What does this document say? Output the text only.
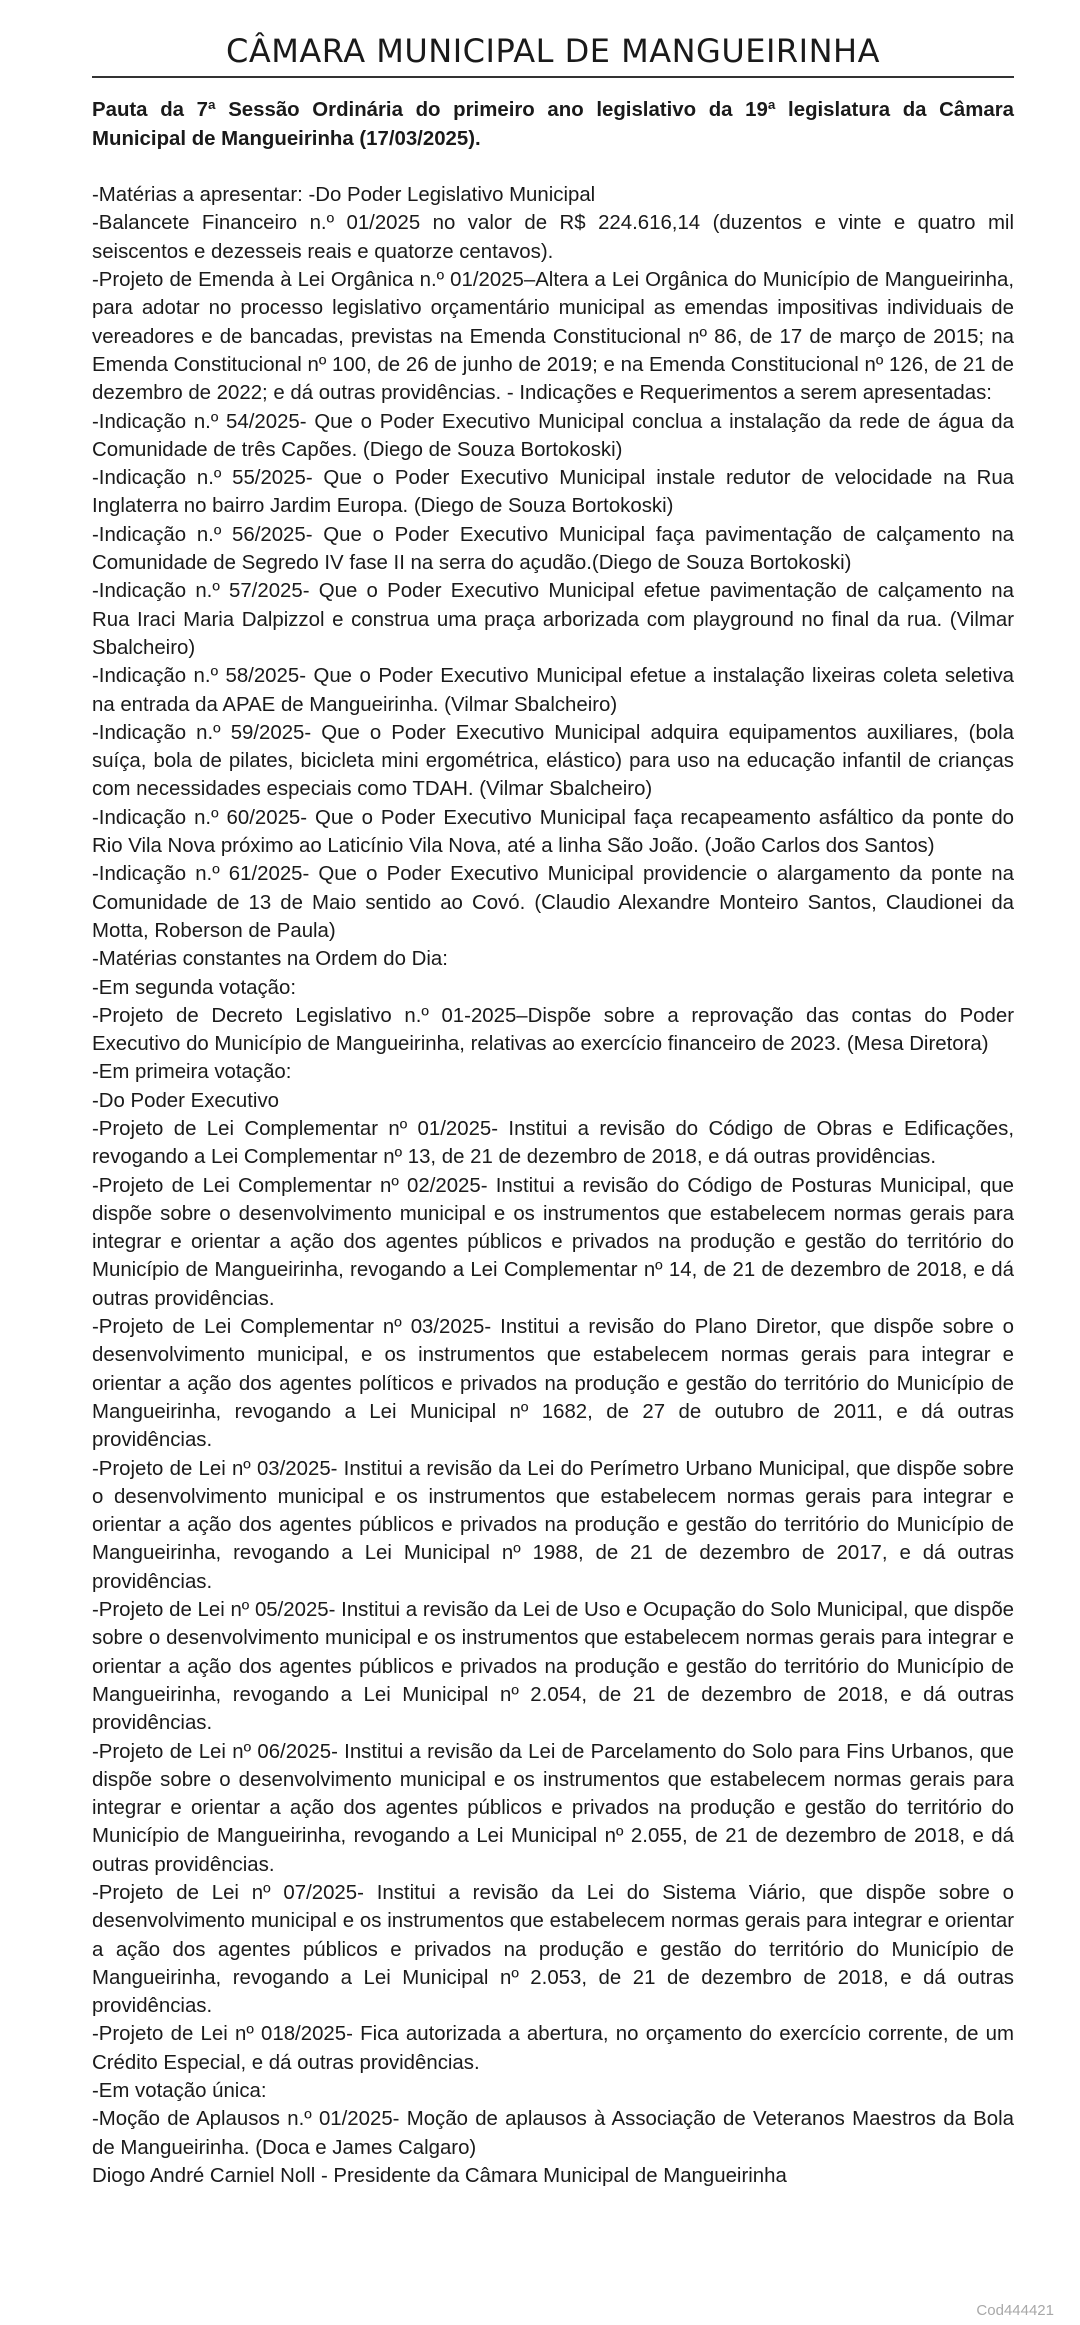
CÂMARA MUNICIPAL DE MANGUEIRINHA
Pauta da 7ª Sessão Ordinária do primeiro ano legislativo da 19ª legislatura da Câmara Municipal de Mangueirinha (17/03/2025).

-Matérias a apresentar: -Do Poder Legislativo Municipal

-Balancete Financeiro n.º 01/2025 no valor de R$ 224.616,14 (duzentos e vinte e quatro mil seiscentos e dezesseis reais e quatorze centavos).

-Projeto de Emenda à Lei Orgânica n.º 01/2025–Altera a Lei Orgânica do Município de Mangueirinha, para adotar no processo legislativo orçamentário municipal as emendas impositivas individuais de vereadores e de bancadas, previstas na Emenda Constitucional nº 86, de 17 de março de 2015; na Emenda Constitucional nº 100, de 26 de junho de 2019; e na Emenda Constitucional nº 126, de 21 de dezembro de 2022; e dá outras providências. - Indicações e Requerimentos a serem apresentadas:

-Indicação n.º 54/2025- Que o Poder Executivo Municipal conclua a instalação da rede de água da Comunidade de três Capões. (Diego de Souza Bortokoski)

-Indicação n.º 55/2025- Que o Poder Executivo Municipal instale redutor de velocidade na Rua Inglaterra no bairro Jardim Europa. (Diego de Souza Bortokoski)

-Indicação n.º 56/2025- Que o Poder Executivo Municipal faça pavimentação de calçamento na Comunidade de Segredo IV fase II na serra do açudão.(Diego de Souza Bortokoski)

-Indicação n.º 57/2025- Que o Poder Executivo Municipal efetue pavimentação de calçamento na Rua Iraci Maria Dalpizzol e construa uma praça arborizada com playground no final da rua. (Vilmar Sbalcheiro)

-Indicação n.º 58/2025- Que o Poder Executivo Municipal efetue a instalação lixeiras coleta seletiva na entrada da APAE de Mangueirinha. (Vilmar Sbalcheiro)

-Indicação n.º 59/2025- Que o Poder Executivo Municipal adquira equipamentos auxiliares, (bola suíça, bola de pilates, bicicleta mini ergométrica, elástico) para uso na educação infantil de crianças com necessidades especiais como TDAH. (Vilmar Sbalcheiro)

-Indicação n.º 60/2025- Que o Poder Executivo Municipal faça recapeamento asfáltico da ponte do Rio Vila Nova próximo ao Laticínio Vila Nova, até a linha São João. (João Carlos dos Santos)

-Indicação n.º 61/2025- Que o Poder Executivo Municipal providencie o alargamento da ponte na Comunidade de 13 de Maio sentido ao Covó. (Claudio Alexandre Monteiro Santos, Claudionei da Motta, Roberson de Paula)

-Matérias constantes na Ordem do Dia:

-Em segunda votação:

-Projeto de Decreto Legislativo n.º 01-2025–Dispõe sobre a reprovação das contas do Poder Executivo do Município de Mangueirinha, relativas ao exercício financeiro de 2023. (Mesa Diretora)

-Em primeira votação:

-Do Poder Executivo

-Projeto de Lei Complementar nº 01/2025- Institui a revisão do Código de Obras e Edificações, revogando a Lei Complementar nº 13, de 21 de dezembro de 2018, e dá outras providências.

-Projeto de Lei Complementar nº 02/2025- Institui a revisão do Código de Posturas Municipal, que dispõe sobre o desenvolvimento municipal e os instrumentos que estabelecem normas gerais para integrar e orientar a ação dos agentes públicos e privados na produção e gestão do território do Município de Mangueirinha, revogando a Lei Complementar nº 14, de 21 de dezembro de 2018, e dá outras providências.

-Projeto de Lei Complementar nº 03/2025- Institui a revisão do Plano Diretor, que dispõe sobre o desenvolvimento municipal, e os instrumentos que estabelecem normas gerais para integrar e orientar a ação dos agentes políticos e privados na produção e gestão do território do Município de Mangueirinha, revogando a Lei Municipal nº 1682, de 27 de outubro de 2011, e dá outras providências.

-Projeto de Lei nº 03/2025- Institui a revisão da Lei do Perímetro Urbano Municipal, que dispõe sobre o desenvolvimento municipal e os instrumentos que estabelecem normas gerais para integrar e orientar a ação dos agentes públicos e privados na produção e gestão do território do Município de Mangueirinha, revogando a Lei Municipal nº 1988, de 21 de dezembro de 2017, e dá outras providências.

-Projeto de Lei nº 05/2025- Institui a revisão da Lei de Uso e Ocupação do Solo Municipal, que dispõe sobre o desenvolvimento municipal e os instrumentos que estabelecem normas gerais para integrar e orientar a ação dos agentes públicos e privados na produção e gestão do território do Município de Mangueirinha, revogando a Lei Municipal nº 2.054, de 21 de dezembro de 2018, e dá outras providências.

-Projeto de Lei nº 06/2025- Institui a revisão da Lei de Parcelamento do Solo para Fins Urbanos, que dispõe sobre o desenvolvimento municipal e os instrumentos que estabelecem normas gerais para integrar e orientar a ação dos agentes públicos e privados na produção e gestão do território do Município de Mangueirinha, revogando a Lei Municipal nº 2.055, de 21 de dezembro de 2018, e dá outras providências.

-Projeto de Lei nº 07/2025- Institui a revisão da Lei do Sistema Viário, que dispõe sobre o desenvolvimento municipal e os instrumentos que estabelecem normas gerais para integrar e orientar a ação dos agentes públicos e privados na produção e gestão do território do Município de Mangueirinha, revogando a Lei Municipal nº 2.053, de 21 de dezembro de 2018, e dá outras providências.

-Projeto de Lei nº 018/2025- Fica autorizada a abertura, no orçamento do exercício corrente, de um Crédito Especial, e dá outras providências.

-Em votação única:

-Moção de Aplausos n.º 01/2025- Moção de aplausos à Associação de Veteranos Maestros da Bola de Mangueirinha. (Doca e James Calgaro)

Diogo André Carniel Noll - Presidente da Câmara Municipal de Mangueirinha

Cod444421
